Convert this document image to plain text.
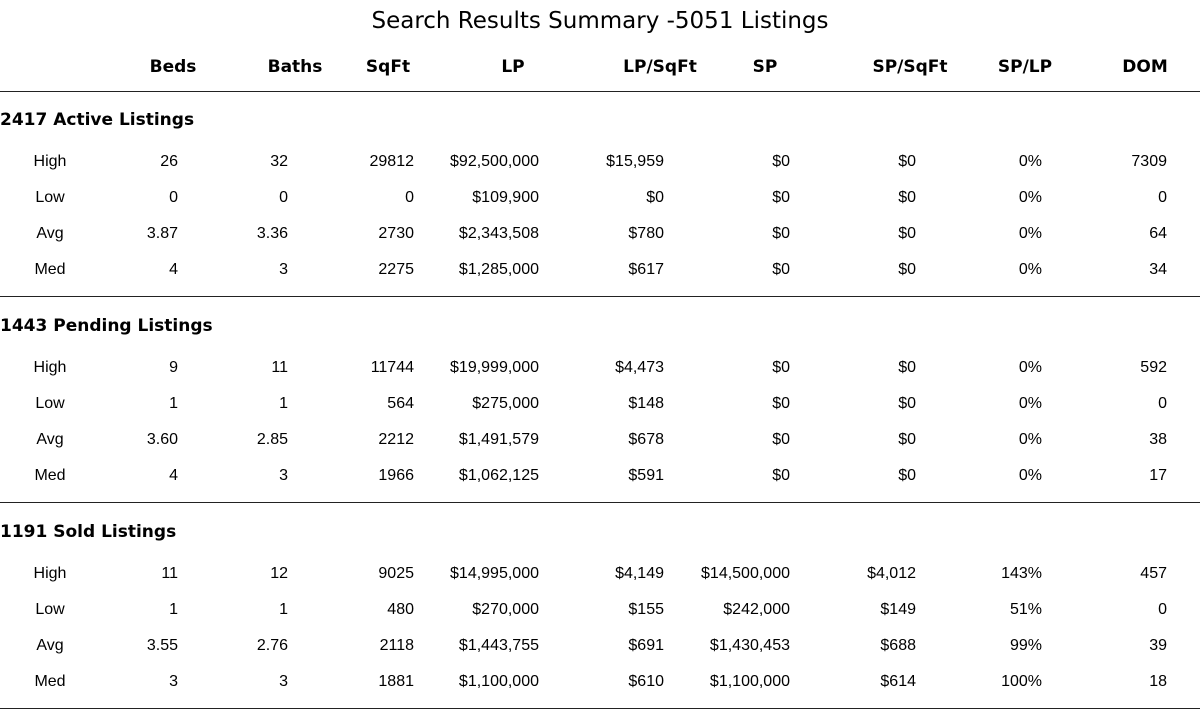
Search Results Summary -5051 Listings
Beds	Baths	SqFt	LP	LP/SqFt	SP	SP/SqFt	SP/LP	DOM
2417 Active Listings
High	26	32	29812 $92,500,000	$15,959	$0	$0	0%	7309
Low	0	0	0	$109,900	$0	$0	$0	0%	0
Avg	3.87	3.36	2730	$2,343,508	$780	$0	$0	0%	64
Med	4	3	2275	$1,285,000	$617	$0	$0	0%	34
1443 Pending Listings
High	9	11	11744 $19,999,000	$4,473	$0	$0	0%	592
Low	1	1	564	$275,000	$148	$0	$0	0%	0
Avg	3.60	2.85	2212	$1,491,579	$678	$0	$0	0%	38
Med	4	3	1966	$1,062,125	$591	$0	$0	0%	17
1191 Sold Listings
High	11	12	9025 $14,995,000	$4,149 $14,500,000	$4,012	143%	457
Low	1	1	480	$270,000	$155	$242,000	$149	51%	0
Avg	3.55	2.76	2118	$1,443,755	$691	$1,430,453	$688	99%	39
Med	3	3	1881	$1,100,000	$610	$1,100,000	$614	100%	18
